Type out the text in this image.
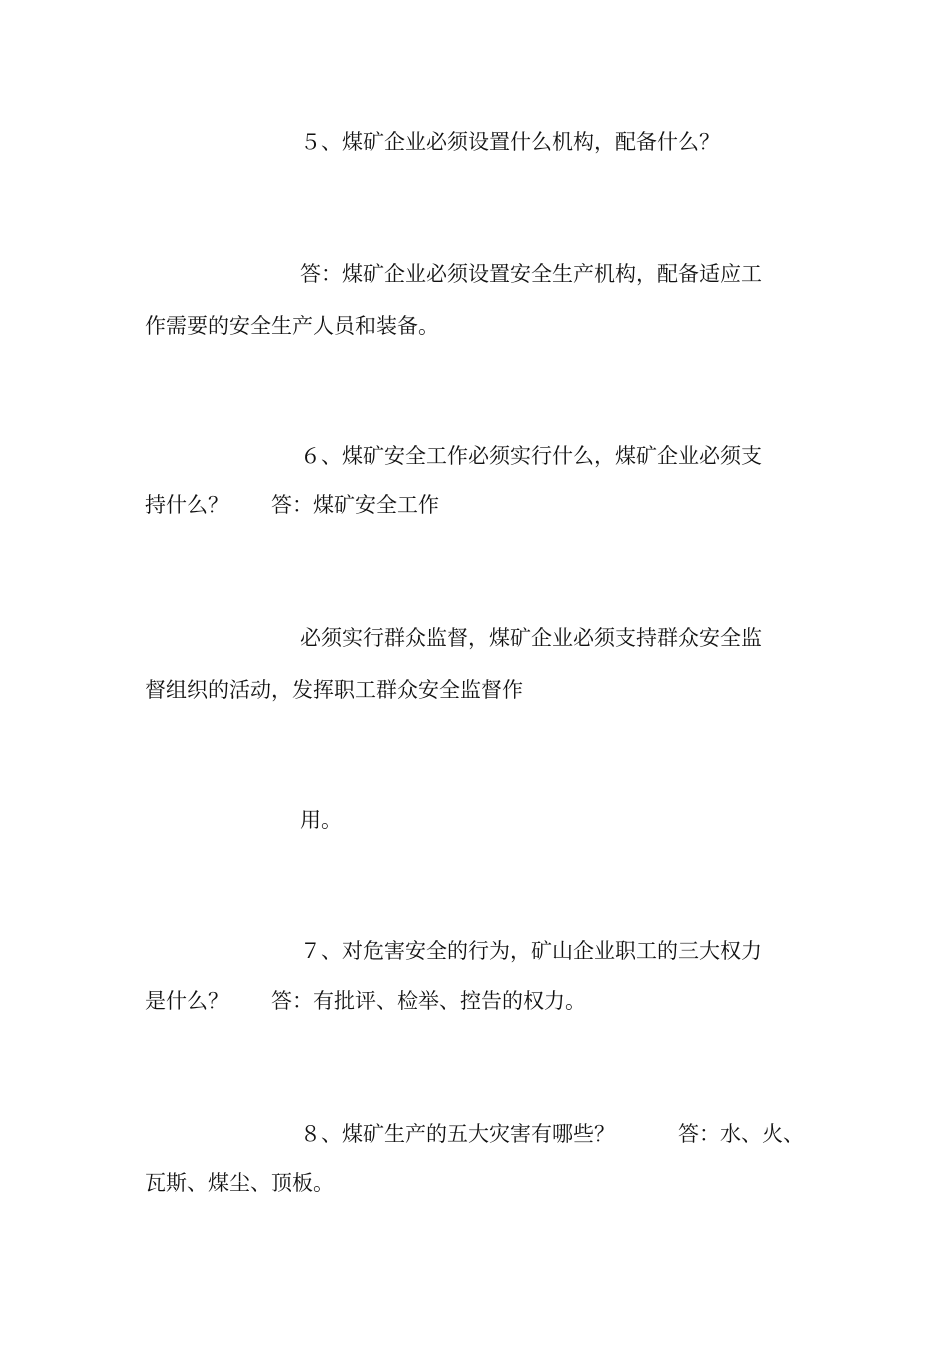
５、煤矿企业必须设置什么机构，配备什么？

答：煤矿企业必须设置安全生产机构，配备适应工

作需要的安全生产人员和装备。

６、煤矿安全工作必须实行什么，煤矿企业必须支

持什么？　　答：煤矿安全工作

必须实行群众监督，煤矿企业必须支持群众安全监

督组织的活动，发挥职工群众安全监督作

用。

７、对危害安全的行为，矿山企业职工的三大权力

是什么？　　答：有批评、检举、控告的权力。

８、煤矿生产的五大灾害有哪些？　　　答：水、火、

瓦斯、煤尘、顶板。
